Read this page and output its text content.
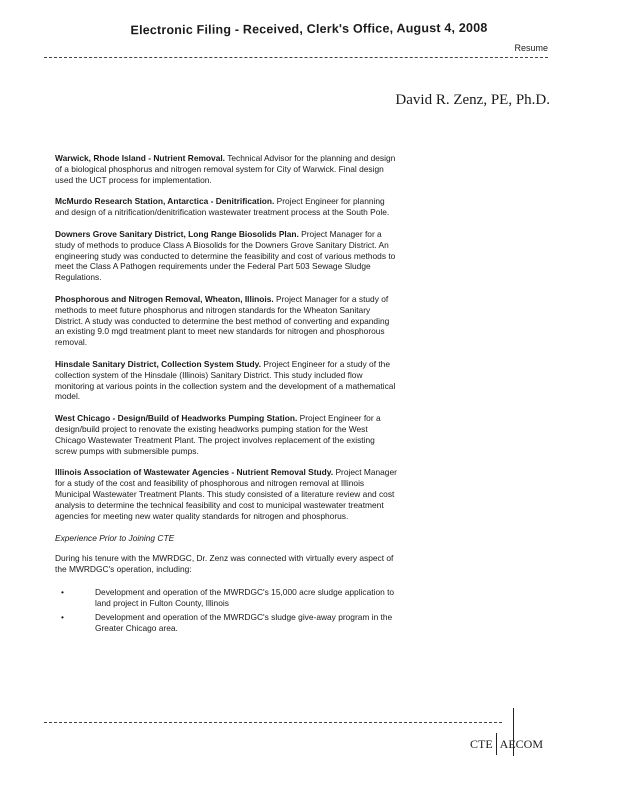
Electronic Filing - Received, Clerk's Office, August 4, 2008
Resume
David R. Zenz, PE, Ph.D.

Warwick, Rhode Island - Nutrient Removal. Technical Advisor for the planning and design of a biological phosphorus and nitrogen removal system for City of Warwick. Final design used the UCT process for implementation.

McMurdo Research Station, Antarctica - Denitrification. Project Engineer for planning and design of a nitrification/denitrification wastewater treatment process at the South Pole.

Downers Grove Sanitary District, Long Range Biosolids Plan. Project Manager for a study of methods to produce Class A Biosolids for the Downers Grove Sanitary District. An engineering study was conducted to determine the feasibility and cost of various methods to meet the Class A Pathogen requirements under the Federal Part 503 Sewage Sludge Regulations.

Phosphorous and Nitrogen Removal, Wheaton, Illinois. Project Manager for a study of methods to meet future phosphorus and nitrogen standards for the Wheaton Sanitary District. A study was conducted to determine the best method of converting and expanding an existing 9.0 mgd treatment plant to meet new standards for nitrogen and phosphorous removal.

Hinsdale Sanitary District, Collection System Study. Project Engineer for a study of the collection system of the Hinsdale (Illinois) Sanitary District. This study included flow monitoring at various points in the collection system and the development of a mathematical model.

West Chicago - Design/Build of Headworks Pumping Station. Project Engineer for a design/build project to renovate the existing headworks pumping station for the West Chicago Wastewater Treatment Plant. The project involves replacement of the existing screw pumps with submersible pumps.

Illinois Association of Wastewater Agencies - Nutrient Removal Study. Project Manager for a study of the cost and feasibility of phosphorous and nitrogen removal at Illinois Municipal Wastewater Treatment Plants. This study consisted of a literature review and cost analysis to determine the technical feasibility and cost to municipal wastewater treatment agencies for meeting new water quality standards for nitrogen and phosphorus.

Experience Prior to Joining CTE

During his tenure with the MWRDGC, Dr. Zenz was connected with virtually every aspect of the MWRDGC's operation, including:

•	Development and operation of the MWRDGC's 15,000 acre sludge application to land project in Fulton County, Illinois
•	Development and operation of the MWRDGC's sludge give-away program in the Greater Chicago area.
CTE AECOM
